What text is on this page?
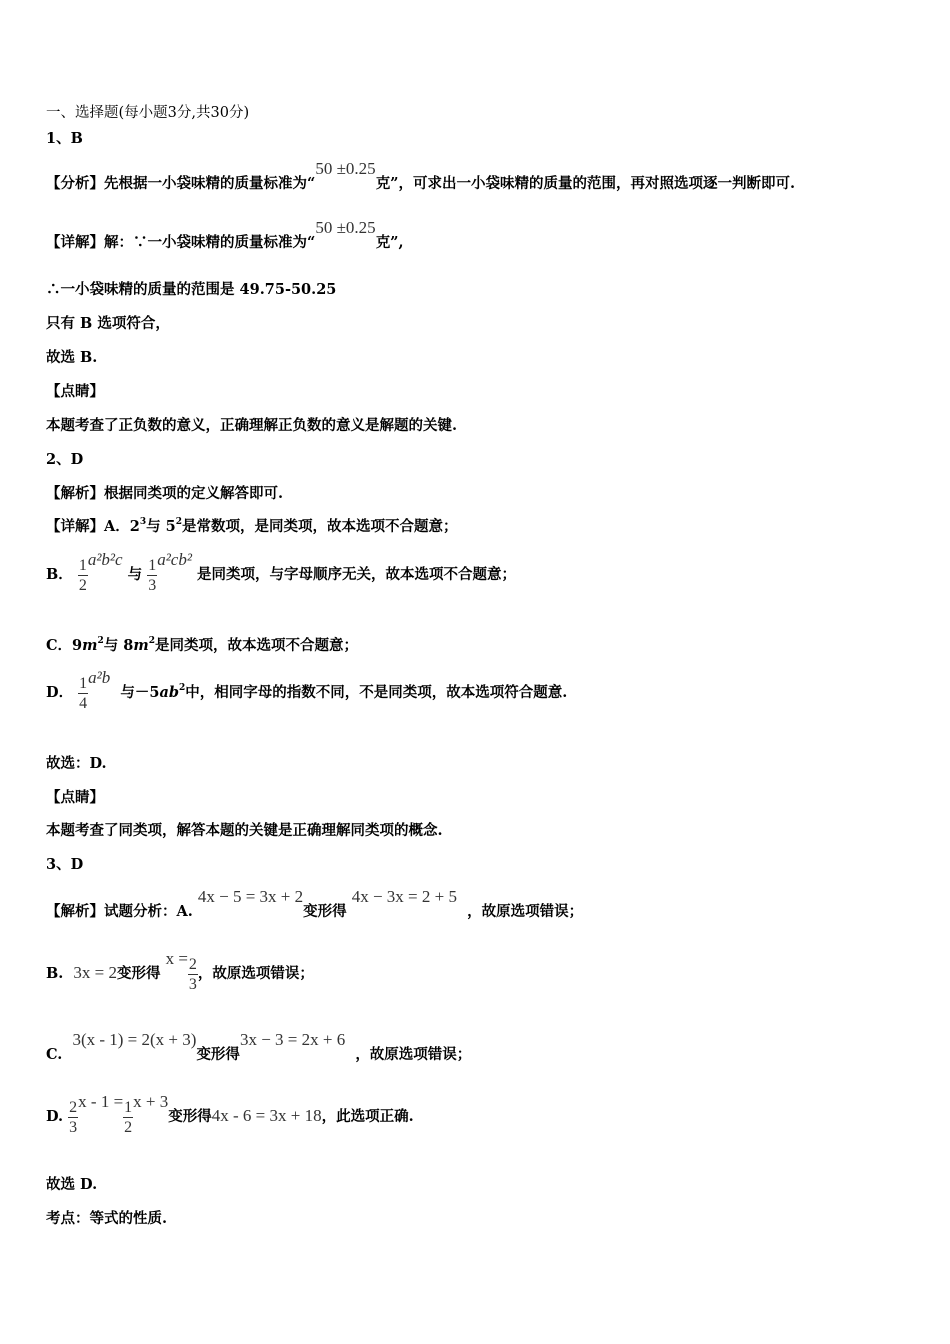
一、选择题(每小题3分,共30分)
1、B
【分析】先根据一小袋味精的质量标准为“50 ±0.25克”，可求出一小袋味精的质量的范围，再对照选项逐一判断即可.
【详解】解：∵一小袋味精的质量标准为“50 ±0.25克”,
∴一小袋味精的质量的范围是 49.75-50.25
只有 B 选项符合，
故选 B.
【点睛】
本题考查了正负数的意义，正确理解正负数的意义是解题的关键.
2、D
【解析】根据同类项的定义解答即可.
【详解】A．$2^3$与 $5^2$是常数项，是同类项，故本选项不合题意；
B． $\frac{1}{2} a^2b^2c$ 与 $\frac{1}{3} a^2cb^2$ 是同类项，与字母顺序无关，故本选项不合题意；
C．$9m^2$与 $8m^2$是同类项，故本选项不合题意；
D． $\frac{1}{4} a^2b$  与$-5ab^2$中，相同字母的指数不同，不是同类项，故本选项符合题意.
故选：D.
【点睛】
本题考查了同类项，解答本题的关键是正确理解同类项的概念.
3、D
【解析】试题分析：A. 4x − 5 = 3x + 2变形得 4x − 3x = 2 + 5  ，故原选项错误；
B. 3x = 2变形得 $x = \frac{2}{3}$ ，故原选项错误；
C.  3(x - 1) = 2(x + 3)变形得3x − 3 = 2x + 6  ，故原选项错误；
D. $\frac{2}{3}$ $x - 1 = \frac{1}{2}$ x + 3变形得4x - 6 = 3x + 18，此选项正确.
故选 D.
考点：等式的性质.
